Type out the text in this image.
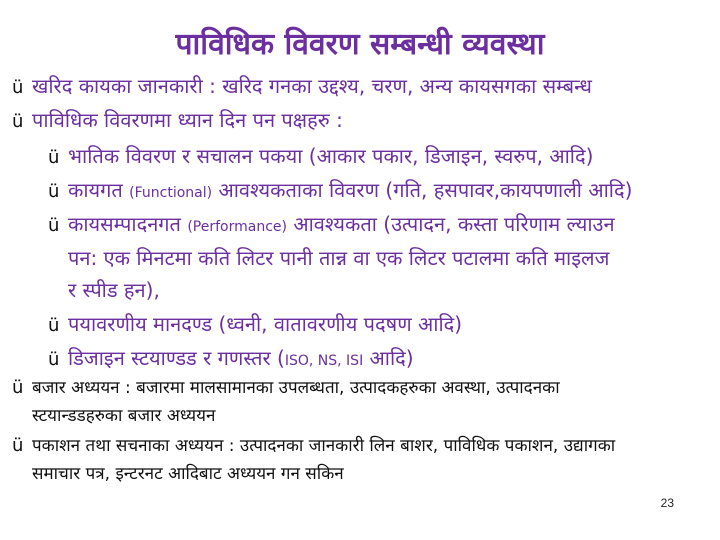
पाविधिक विवरण सम्बन्धी व्यवस्था
ü खरिद कायका जानकारी : खरिद गनका उद्दश्य, चरण, अन्य कायसगका सम्बन्ध
ü पाविधिक विवरणमा ध्यान दिन पन पक्षहरु :
ü भातिक विवरण र सचालन पकया (आकार पकार, डिजाइन, स्वरुप, आदि)
ü कायगत (Functional) आवश्यकताका विवरण (गति, हसपावर,कायपणाली आदि)
ü कायसम्पादनगत (Performance) आवश्यकता (उत्पादन, कस्ता परिणाम ल्याउन
पन: एक मिनटमा कति लिटर पानी तान्न वा एक लिटर पटालमा कति माइलज
र स्पीड हन),
ü पयावरणीय मानदण्ड (ध्वनी, वातावरणीय पदषण आदि)
ü डिजाइन स्टयाण्डड र गणस्तर (ISO, NS, ISI आदि)
ü बजार अध्ययन : बजारमा मालसामानका उपलब्धता, उत्पादकहरुका अवस्था, उत्पादनका
स्टयान्डडहरुका बजार अध्ययन
ü पकाशन तथा सचनाका अध्ययन : उत्पादनका जानकारी लिन बाशर, पाविधिक पकाशन, उद्यागका
समाचार पत्र, इन्टरनट आदिबाट अध्ययन गन सकिन
23
